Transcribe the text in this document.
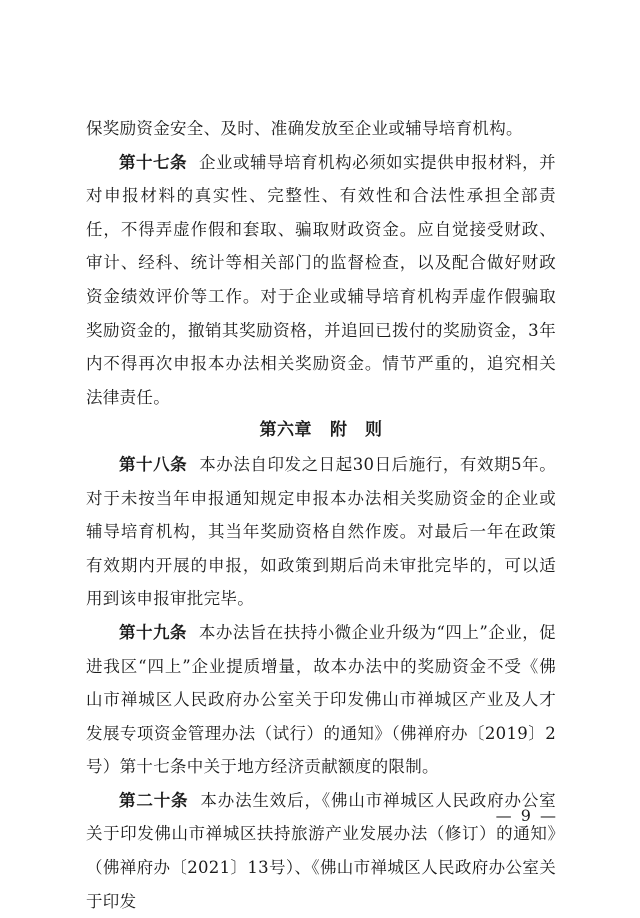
保奖励资金安全、及时、准确发放至企业或辅导培育机构。

第十七条 企业或辅导培育机构必须如实提供申报材料，并对申报材料的真实性、完整性、有效性和合法性承担全部责任，不得弄虚作假和套取、骗取财政资金。应自觉接受财政、审计、经科、统计等相关部门的监督检查，以及配合做好财政资金绩效评价等工作。对于企业或辅导培育机构弄虚作假骗取奖励资金的，撤销其奖励资格，并追回已拨付的奖励资金，3年内不得再次申报本办法相关奖励资金。情节严重的，追究相关法律责任。

第六章 附　则

第十八条 本办法自印发之日起30日后施行，有效期5年。对于未按当年申报通知规定申报本办法相关奖励资金的企业或辅导培育机构，其当年奖励资格自然作废。对最后一年在政策有效期内开展的申报，如政策到期后尚未审批完毕的，可以适用到该申报审批完毕。

第十九条 本办法旨在扶持小微企业升级为“四上”企业，促进我区“四上”企业提质增量，故本办法中的奖励资金不受《佛山市禅城区人民政府办公室关于印发佛山市禅城区产业及人才发展专项资金管理办法（试行）的通知》（佛禅府办〔2019〕2号）第十七条中关于地方经济贡献额度的限制。

第二十条 本办法生效后，《佛山市禅城区人民政府办公室关于印发佛山市禅城区扶持旅游产业发展办法（修订）的通知》（佛禅府办〔2021〕13号）、《佛山市禅城区人民政府办公室关于印发

— 9 —
